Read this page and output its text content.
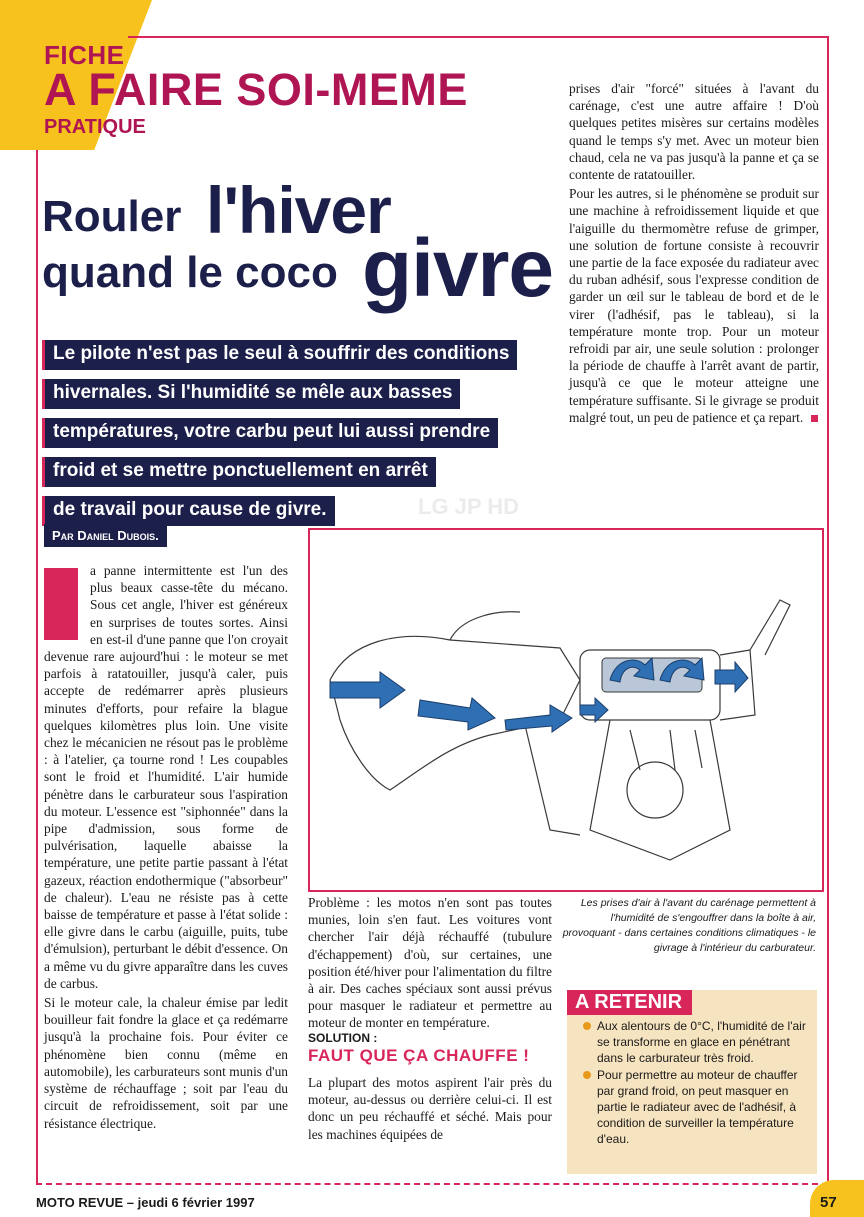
FICHE
A FAIRE SOI-MEME
PRATIQUE
Rouler l'hiver
quand le coco givre
Le pilote n'est pas le seul à souffrir des conditions
hivernales. Si l'humidité se mêle aux basses
températures, votre carbu peut lui aussi prendre
froid et se mettre ponctuellement en arrêt
de travail pour cause de givre.
Par Daniel Dubois.
LG JP HD

a panne intermittente est l'un des plus beaux casse-tête du mécano. Sous cet angle, l'hiver est généreux en surprises de toutes sortes. Ainsi en est-il d'une panne que l'on croyait devenue rare aujourd'hui : le moteur se met parfois à ratatouiller, jusqu'à caler, puis accepte de redémarrer après plusieurs minutes d'efforts, pour refaire la blague quelques kilomètres plus loin. Une visite chez le mécanicien ne résout pas le problème : à l'atelier, ça tourne rond ! Les coupables sont le froid et l'humidité. L'air humide pénètre dans le carburateur sous l'aspiration du moteur. L'essence est "siphonnée" dans la pipe d'admission, sous forme de pulvérisation, laquelle abaisse la température, une petite partie passant à l'état gazeux, réaction endothermique ("absorbeur" de chaleur). L'eau ne résiste pas à cette baisse de température et passe à l'état solide : elle givre dans le carbu (aiguille, puits, tube d'émulsion), perturbant le débit d'essence. On a même vu du givre apparaître dans les cuves de carbus.

Si le moteur cale, la chaleur émise par ledit bouilleur fait fondre la glace et ça redémarre jusqu'à la prochaine fois. Pour éviter ce phénomène bien connu (même en automobile), les carburateurs sont munis d'un système de réchauffage ; soit par l'eau du circuit de refroidissement, soit par une résistance électrique.

prises d'air "forcé" situées à l'avant du carénage, c'est une autre affaire ! D'où quelques petites misères sur certains modèles quand le temps s'y met. Avec un moteur bien chaud, cela ne va pas jusqu'à la panne et ça se contente de ratatouiller.

Pour les autres, si le phénomène se produit sur une machine à refroidissement liquide et que l'aiguille du thermomètre refuse de grimper, une solution de fortune consiste à recouvrir une partie de la face exposée du radiateur avec du ruban adhésif, sous l'expresse condition de garder un œil sur le tableau de bord et de le virer (l'adhésif, pas le tableau), si la température monte trop. Pour un moteur refroidi par air, une seule solution : prolonger la période de chauffe à l'arrêt avant de partir, jusqu'à ce que le moteur atteigne une température suffisante. Si le givrage se produit malgré tout, un peu de patience et ça repart.

Les prises d'air à l'avant du carénage permettent à l'humidité de s'engouffrer dans la boîte à air, provoquant - dans certaines conditions climatiques - le givrage à l'intérieur du carburateur.

Problème : les motos n'en sont pas toutes munies, loin s'en faut. Les voitures vont chercher l'air déjà réchauffé (tubulure d'échappement) d'où, sur certaines, une position été/hiver pour l'alimentation du filtre à air. Des caches spéciaux sont aussi prévus pour masquer le radiateur et permettre au moteur de monter en température.

SOLUTION :
FAUT QUE ÇA CHAUFFE !

La plupart des motos aspirent l'air près du moteur, au-dessus ou derrière celui-ci. Il est donc un peu réchauffé et séché. Mais pour les machines équipées de

Aux alentours de 0°C, l'humidité de l'air se transforme en glace en pénétrant dans le carburateur très froid.
Pour permettre au moteur de chauffer par grand froid, on peut masquer en partie le radiateur avec de l'adhésif, à condition de surveiller la température d'eau.
A RETENIR
MOTO REVUE – jeudi 6 février 1997	57
